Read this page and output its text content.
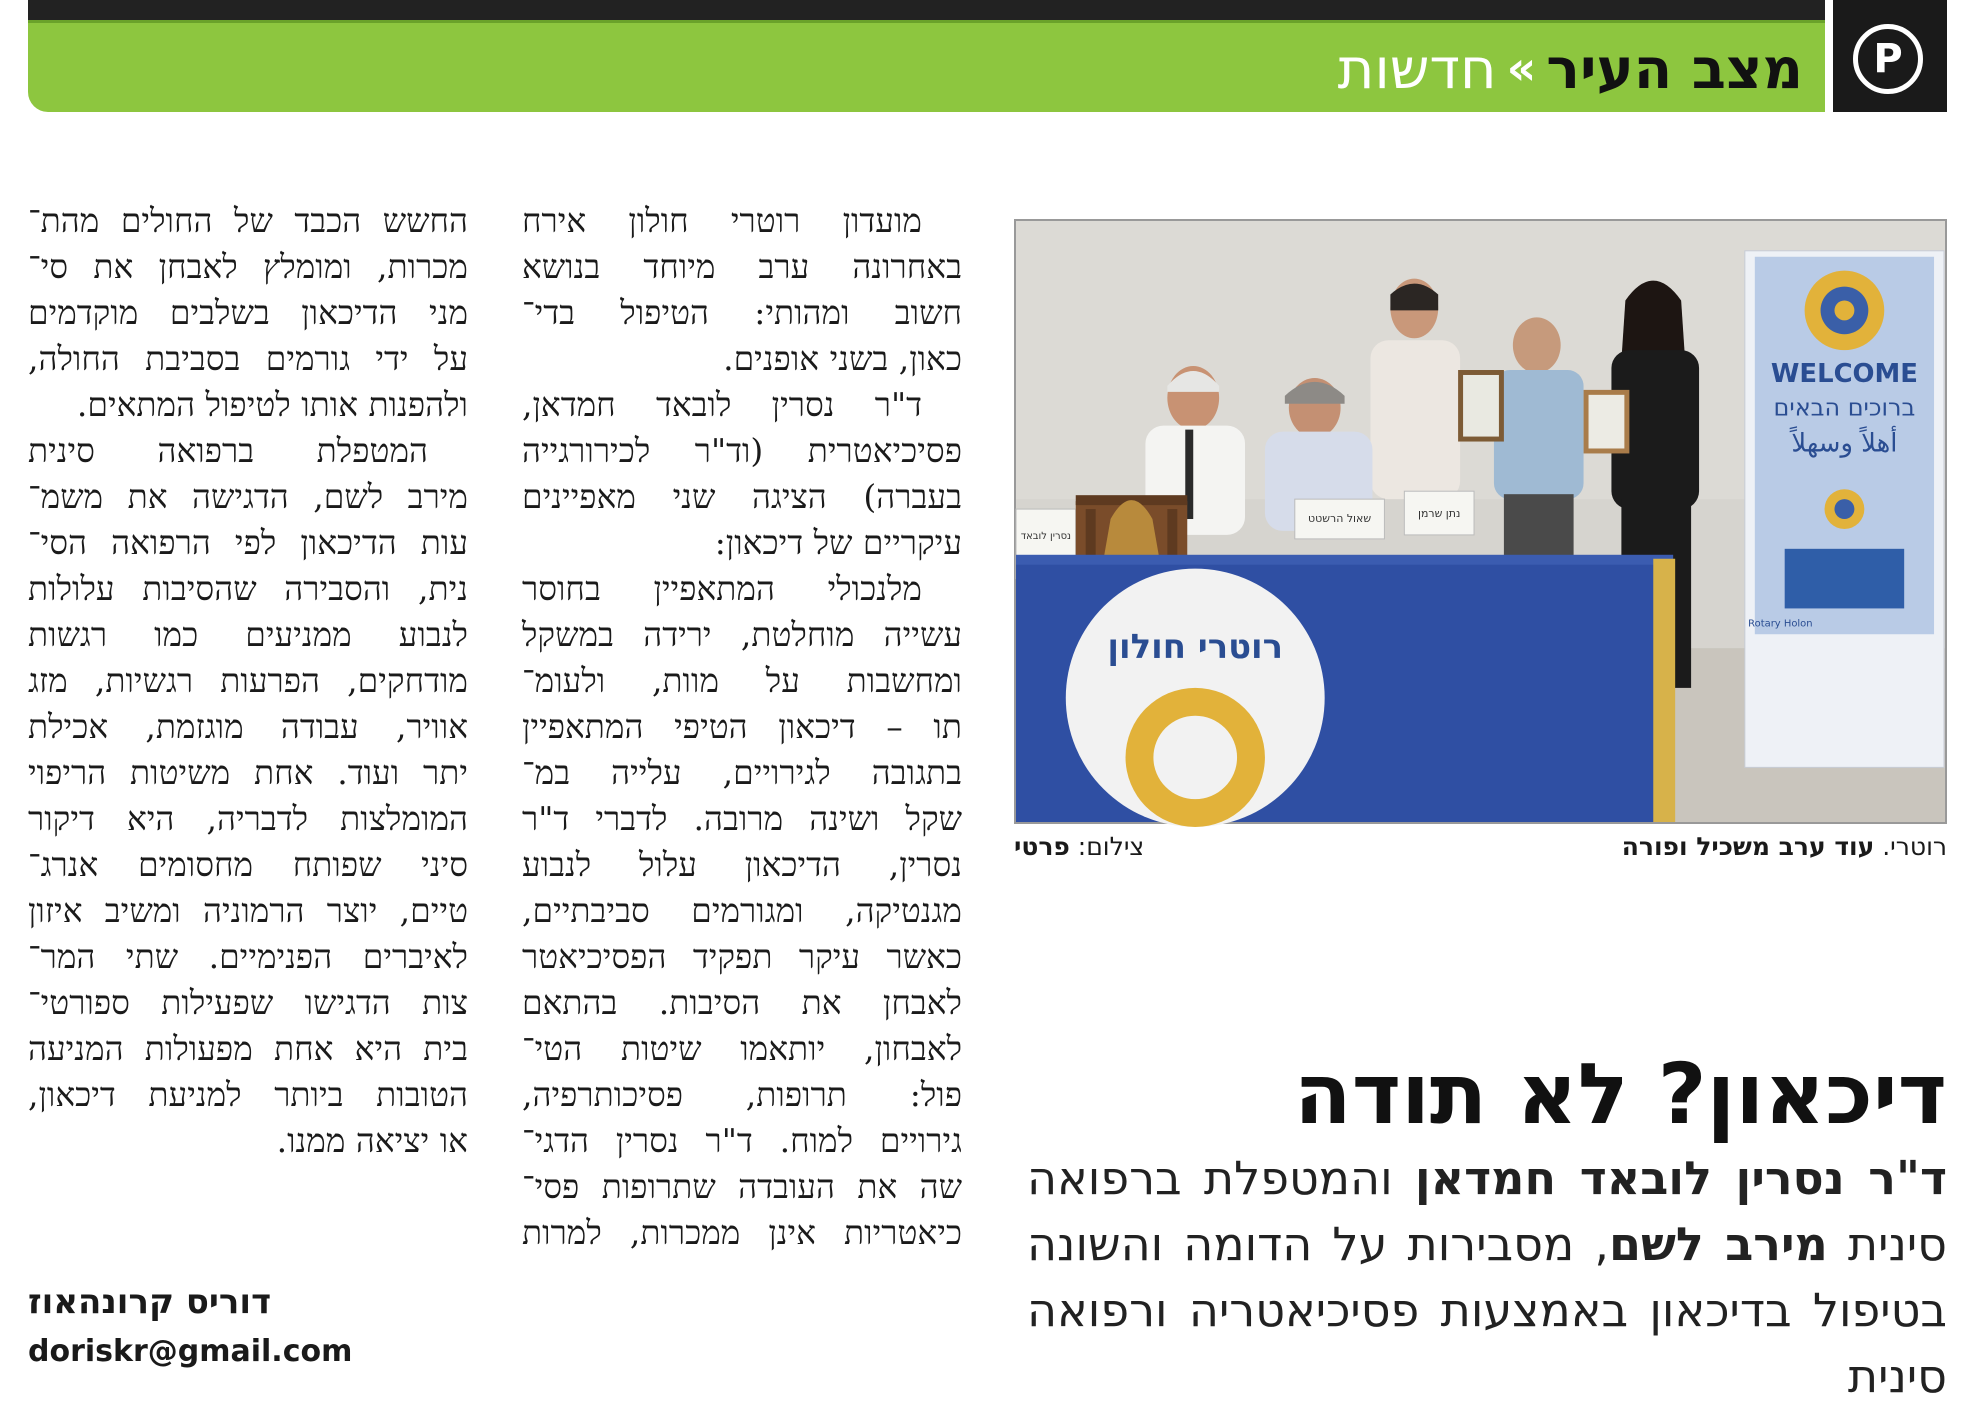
מצב העיר»חדשות	P
WELCOME
ברוכים הבאים
أهلاً وسهلاً
Rotary Holon
שאול הרשטט	נתן שרמן
נסרין לובאד
רוטרי חולון
רוטרי. עוד ערב משכיל ופורה
צילום: פרטי
דיכאון? לא תודה
ד"ר נסרין לובאד חמדאן והמטפלת ברפואה סינית מירב לשם, מסבירות על הדומה והשונה בטיפול בדיכאון באמצעות פסיכיאטריה ורפואה סינית
מועדון רוטרי חולון אירח
באחרונה ערב מיוחד בנושא
חשוב ומהותי: הטיפול בדי־
כאון, בשני אופנים.
ד"ר נסרין לובאד חמדאן,
פסיכיאטרית (וד"ר לכירורגייה
בעברה) הציגה שני מאפיינים
עיקריים של דיכאון:
מלנכולי המתאפיין בחוסר
עשייה מוחלטת, ירידה במשקל
ומחשבות על מוות, ולעומ־
תו – דיכאון הטיפי המתאפיין
בתגובה לגירויים, עלייה במ־
שקל ושינה מרובה. לדברי ד"ר
נסרין, הדיכאון עלול לנבוע
מגנטיקה, ומגורמים סביבתיים,
כאשר עיקר תפקיד הפסיכיאטר
לאבחן את הסיבות. בהתאם
לאבחון, יותאמו שיטות הטי־
פול: תרופות, פסיכותרפיה,
גירויים למוח. ד"ר נסרין הדגי־
שה את העובדה שתרופות פסי־
כיאטריות אינן ממכרות, למרות
החשש הכבד של החולים מהת־
מכרות, ומומלץ לאבחן את סי־
מני הדיכאון בשלבים מוקדמים
על ידי גורמים בסביבת החולה,
ולהפנות אותו לטיפול המתאים.
המטפלת ברפואה סינית
מירב לשם, הדגישה את משמ־
עות הדיכאון לפי הרפואה הסי־
נית, והסבירה שהסיבות עלולות
לנבוע ממניעים כמו רגשות
מודחקים, הפרעות רגשיות, מזג
אוויר, עבודה מוגזמת, אכילת
יתר ועוד. אחת משיטות הריפוי
המומלצות לדבריה, היא דיקור
סיני שפותח מחסומים אנרג־
טיים, יוצר הרמוניה ומשיב איזון
לאיברים הפנימיים. שתי המר־
צות הדגישו שפעילות ספורטי־
בית היא אחת מפעולות המניעה
הטובות ביותר למניעת דיכאון,
או יציאה ממנו.
דוריס קרונהאוז
doriskr@gmail.com
